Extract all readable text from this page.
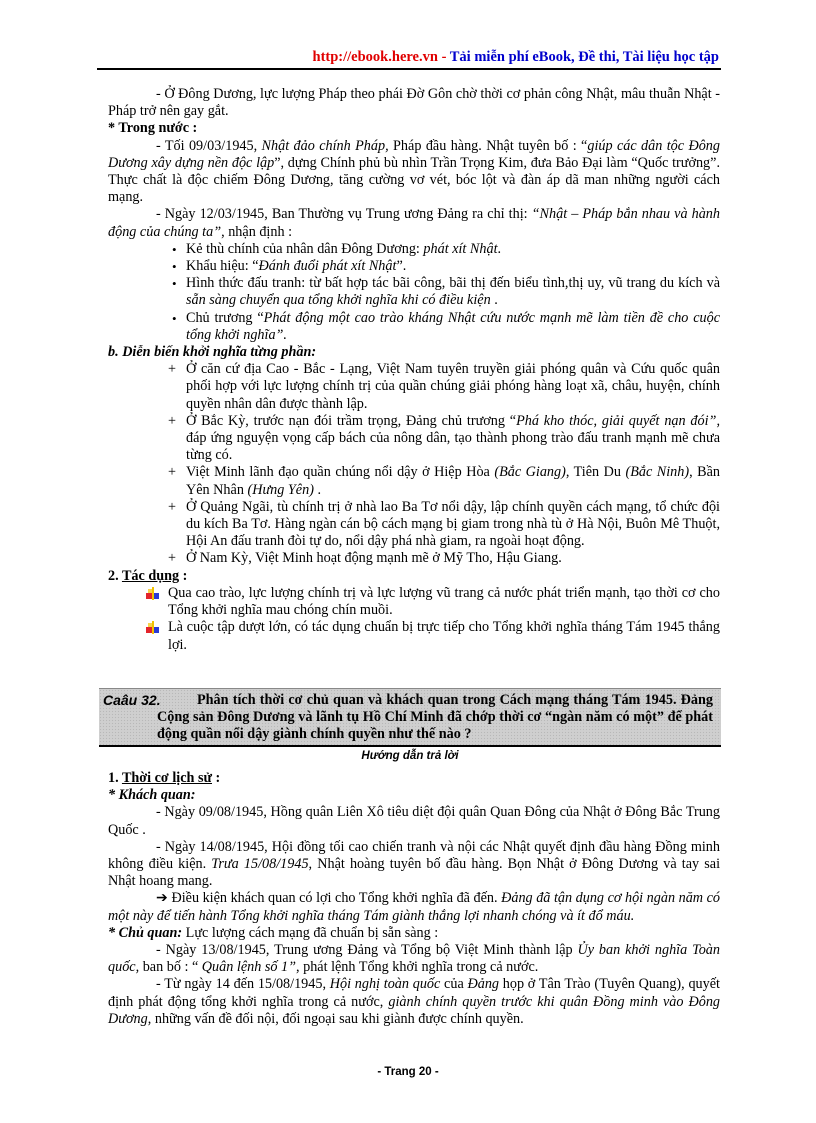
http://ebook.here.vn - Tải miễn phí eBook, Đề thi, Tài liệu học tập

- Ở Đông Dương, lực lượng Pháp theo phái Đờ Gôn chờ thời cơ phản công Nhật, mâu thuẫn Nhật - Pháp trở nên gay gắt.

* Trong nước :

- Tối 09/03/1945, Nhật đảo chính Pháp, Pháp đầu hàng. Nhật tuyên bố : “giúp các dân tộc Đông Dương xây dựng nền độc lập”, dựng Chính phủ bù nhìn Trần Trọng Kim, đưa Bảo Đại làm “Quốc trưởng”. Thực chất là độc chiếm Đông Dương, tăng cường vơ vét, bóc lột và đàn áp dã man những người cách mạng.

- Ngày 12/03/1945, Ban Thường vụ Trung ương Đảng ra chỉ thị: “Nhật – Pháp bắn nhau và hành động của chúng ta”, nhận định :

• Kẻ thù chính của nhân dân Đông Dương: phát xít Nhật.
• Khẩu hiệu: “Đánh đuổi phát xít Nhật”.
• Hình thức đấu tranh: từ bất hợp tác bãi công, bãi thị đến biểu tình,thị uy, vũ trang du kích và sẵn sàng chuyển qua tổng khởi nghĩa khi có điều kiện .
• Chủ trương “Phát động một cao trào kháng Nhật cứu nước mạnh mẽ làm tiền đề cho cuộc tổng khởi nghĩa”.

b. Diễn biến khởi nghĩa từng phần:

+ Ở căn cứ địa Cao - Bắc - Lạng, Việt Nam tuyên truyền giải phóng quân và Cứu quốc quân phối hợp với lực lượng chính trị của quần chúng giải phóng hàng loạt xã, châu, huyện, chính quyền nhân dân được thành lập.
+ Ở Bắc Kỳ, trước nạn đói trầm trọng, Đảng chủ trương “Phá kho thóc, giải quyết nạn đói”, đáp ứng nguyện vọng cấp bách của nông dân, tạo thành phong trào đấu tranh mạnh mẽ chưa từng có.
+ Việt Minh lãnh đạo quần chúng nổi dậy ở Hiệp Hòa (Bắc Giang), Tiên Du (Bắc Ninh), Bần Yên Nhân (Hưng Yên) .
+ Ở Quảng Ngãi, tù chính trị ở nhà lao Ba Tơ nổi dậy, lập chính quyền cách mạng, tổ chức đội du kích Ba Tơ. Hàng ngàn cán bộ cách mạng bị giam trong nhà tù ở Hà Nội, Buôn Mê Thuột, Hội An đấu tranh đòi tự do, nổi dậy phá nhà giam, ra ngoài hoạt động.
+ Ở Nam Kỳ, Việt Minh hoạt động mạnh mẽ ở Mỹ Tho, Hậu Giang.

2. Tác dụng :

Qua cao trào, lực lượng chính trị và lực lượng vũ trang cả nước phát triển mạnh, tạo thời cơ cho Tổng khởi nghĩa mau chóng chín muồi.
Là cuộc tập dượt lớn, có tác dụng chuẩn bị trực tiếp cho Tổng khởi nghĩa tháng Tám 1945 thắng lợi.
Caâu 32.	Phân tích thời cơ chủ quan và khách quan trong Cách mạng tháng Tám 1945. Đảng Cộng sản Đông Dương và lãnh tụ Hồ Chí Minh đã chớp thời cơ “ngàn năm có một” để phát động quần nổi dậy giành chính quyền như thế nào ?
Hướng dẫn trả lời

1. Thời cơ lịch sử :

* Khách quan:

- Ngày 09/08/1945, Hồng quân Liên Xô tiêu diệt đội quân Quan Đông của Nhật ở Đông Bắc Trung Quốc .

- Ngày 14/08/1945, Hội đồng tối cao chiến tranh và nội các Nhật quyết định đầu hàng Đồng minh không điều kiện. Trưa 15/08/1945, Nhật hoàng tuyên bố đầu hàng. Bọn Nhật ở Đông Dương và tay sai Nhật hoang mang.

➔ Điều kiện khách quan có lợi cho Tổng khởi nghĩa đã đến. Đảng đã tận dụng cơ hội ngàn năm có một này để tiến hành Tổng khởi nghĩa tháng Tám giành thắng lợi nhanh chóng và ít đổ máu.

* Chủ quan: Lực lượng cách mạng đã chuẩn bị sẵn sàng :

- Ngày 13/08/1945, Trung ương Đảng và Tổng bộ Việt Minh thành lập Ủy ban khởi nghĩa Toàn quốc, ban bố : “ Quân lệnh số 1”, phát lệnh Tổng khởi nghĩa trong cả nước.

- Từ ngày 14 đến 15/08/1945, Hội nghị toàn quốc của Đảng họp ở Tân Trào (Tuyên Quang), quyết định phát động tổng khởi nghĩa trong cả nước, giành chính quyền trước khi quân Đồng minh vào Đông Dương, những vấn đề đối nội, đối ngoại sau khi giành được chính quyền.

- Trang 20 -
